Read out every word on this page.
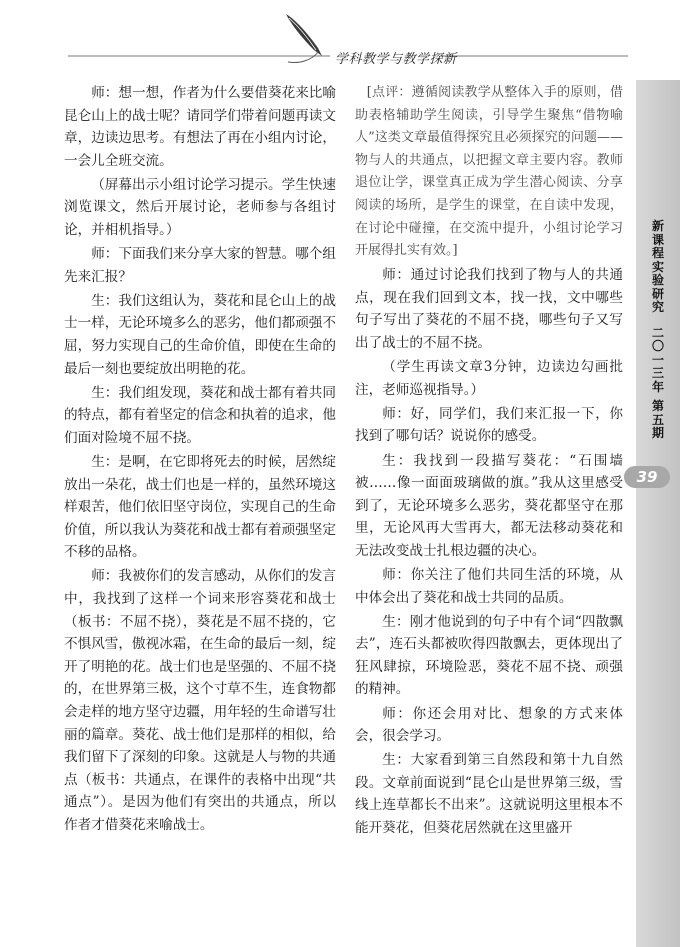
学科教学与教学探新

师：想一想，作者为什么要借葵花来比喻昆仑山上的战士呢？请同学们带着问题再读文章，边读边思考。有想法了再在小组内讨论，一会儿全班交流。

（屏幕出示小组讨论学习提示。学生快速浏览课文，然后开展讨论，老师参与各组讨论，并相机指导。）

师：下面我们来分享大家的智慧。哪个组先来汇报？

生：我们这组认为，葵花和昆仑山上的战士一样，无论环境多么的恶劣，他们都顽强不屈，努力实现自己的生命价值，即使在生命的最后一刻也要绽放出明艳的花。

生：我们组发现，葵花和战士都有着共同的特点，都有着坚定的信念和执着的追求，他们面对险境不屈不挠。

生：是啊，在它即将死去的时候，居然绽放出一朵花，战士们也是一样的，虽然环境这样艰苦，他们依旧坚守岗位，实现自己的生命价值，所以我认为葵花和战士都有着顽强坚定不移的品格。

师：我被你们的发言感动，从你们的发言中，我找到了这样一个词来形容葵花和战士（板书：不屈不挠），葵花是不屈不挠的，它不惧风雪，傲视冰霜，在生命的最后一刻，绽开了明艳的花。战士们也是坚强的、不屈不挠的，在世界第三极，这个寸草不生，连食物都会走样的地方坚守边疆，用年轻的生命谱写壮丽的篇章。葵花、战士他们是那样的相似，给我们留下了深刻的印象。这就是人与物的共通点（板书：共通点，在课件的表格中出现“共通点”）。是因为他们有突出的共通点，所以作者才借葵花来喻战士。

[点评：遵循阅读教学从整体入手的原则，借助表格辅助学生阅读，引导学生聚焦“借物喻人”这类文章最值得探究且必须探究的问题——物与人的共通点，以把握文章主要内容。教师退位让学，课堂真正成为学生潜心阅读、分享阅读的场所，是学生的课堂，在自读中发现，在讨论中碰撞，在交流中提升，小组讨论学习开展得扎实有效。]

师：通过讨论我们找到了物与人的共通点，现在我们回到文本，找一找，文中哪些句子写出了葵花的不屈不挠，哪些句子又写出了战士的不屈不挠。

（学生再读文章3分钟，边读边勾画批注，老师巡视指导。）

师：好，同学们，我们来汇报一下，你找到了哪句话？说说你的感受。

生：我找到一段描写葵花：“石围墙被……像一面面玻璃做的旗。”我从这里感受到了，无论环境多么恶劣，葵花都坚守在那里，无论风再大雪再大，都无法移动葵花和无法改变战士扎根边疆的决心。

师：你关注了他们共同生活的环境，从中体会出了葵花和战士共同的品质。

生：刚才他说到的句子中有个词“四散飘去”，连石头都被吹得四散飘去，更体现出了狂风肆掠，环境险恶，葵花不屈不挠、顽强的精神。

师：你还会用对比、想象的方式来体会，很会学习。

生：大家看到第三自然段和第十九自然段。文章前面说到“昆仑山是世界第三级，雪线上连草都长不出来”。这就说明这里根本不能开葵花，但葵花居然就在这里盛开

新
课
程
实
验
研
究
二
〇
一
三
年
第
五
期
39
